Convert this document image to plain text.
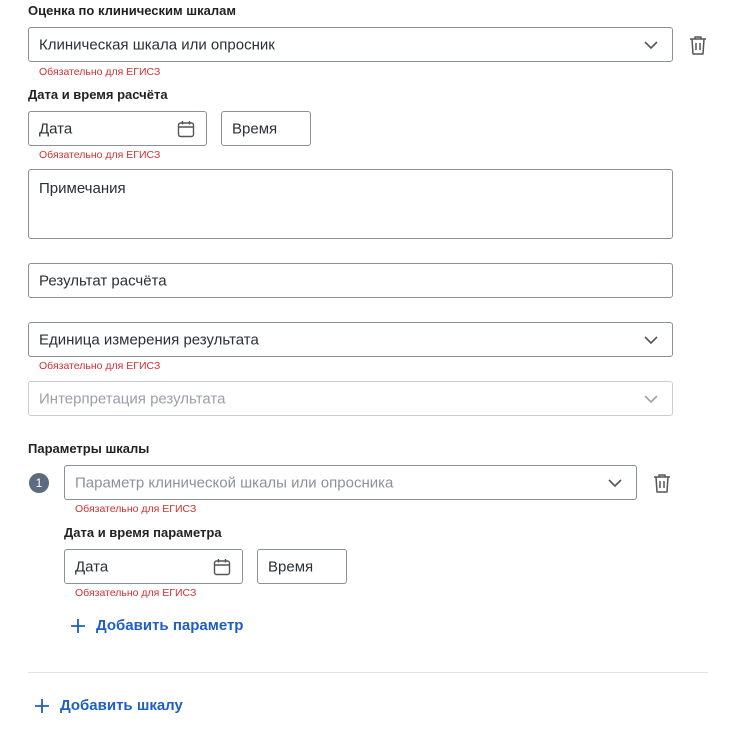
Оценка по клиническим шкалам
Клиническая шкала или опросник
Обязательно для ЕГИСЗ
Дата и время расчёта
Дата	Время
Обязательно для ЕГИСЗ
Примечания
Результат расчёта
Единица измерения результата
Обязательно для ЕГИСЗ
Интерпретация результата
Параметры шкалы
1	Параметр клинической шкалы или опросника
Обязательно для ЕГИСЗ
Дата и время параметра
Дата	Время
Обязательно для ЕГИСЗ
Добавить параметр
Добавить шкалу
